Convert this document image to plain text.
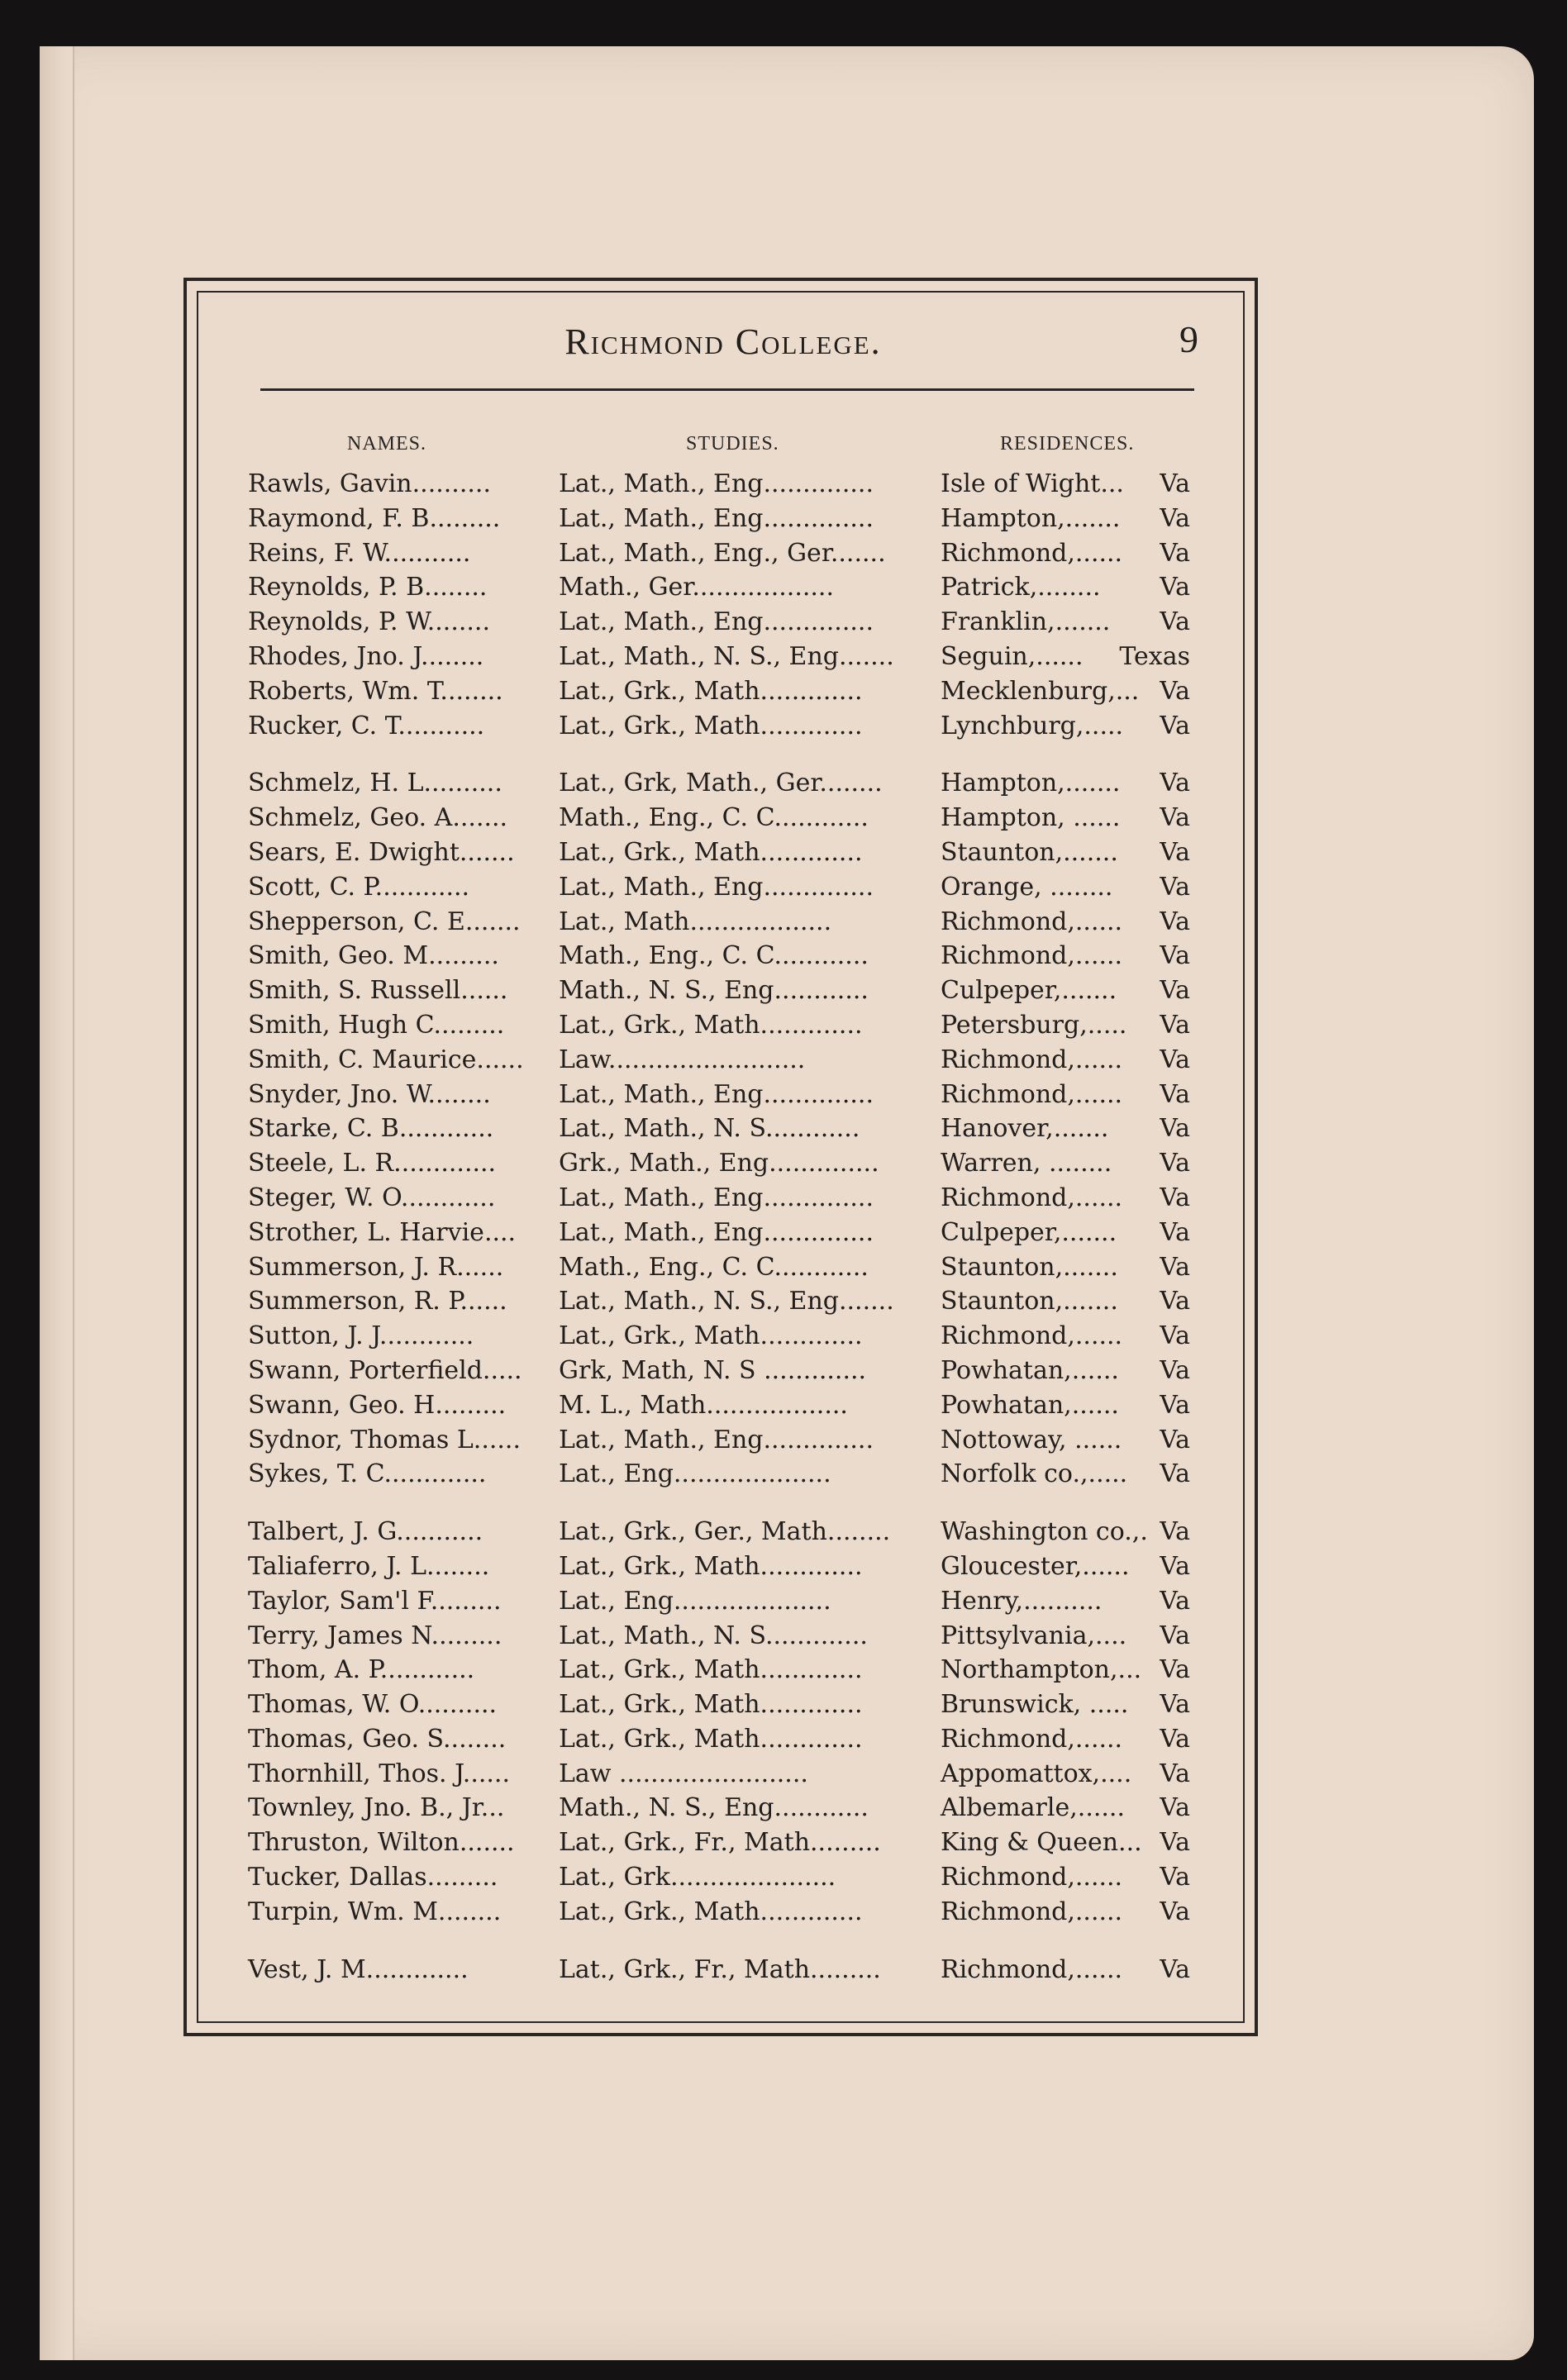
Richmond College.	9
NAMES.	STUDIES.	RESIDENCES.
Rawls, Gavin..........	Lat., Math., Eng..............	Isle of Wight... Va
Raymond, F. B......... Lat., Math., Eng..............	Hampton,....... Va
Reins, F. W...........	Lat., Math., Eng., Ger....... Richmond,...... Va
Reynolds, P. B........	Math., Ger..................	Patrick,........ Va
Reynolds, P. W........	Lat., Math., Eng..............	Franklin,....... Va
Rhodes, Jno. J........	Lat., Math., N. S., Eng....... Seguin,...... Texas
Roberts, Wm. T........ Lat., Grk., Math.............	Mecklenburg,... Va
Rucker, C. T...........	Lat., Grk., Math.............	Lynchburg,..... Va
Schmelz, H. L.......... Lat., Grk, Math., Ger........ Hampton,....... Va
Schmelz, Geo. A....... Math., Eng., C. C............	Hampton, ...... Va
Sears, E. Dwight....... Lat., Grk., Math.............	Staunton,....... Va
Scott, C. P............	Lat., Math., Eng..............	Orange, ........ Va
Shepperson, C. E....... Lat., Math..................	Richmond,...... Va
Smith, Geo. M......... Math., Eng., C. C............	Richmond,...... Va
Smith, S. Russell...... Math., N. S., Eng............	Culpeper,....... Va
Smith, Hugh C......... Lat., Grk., Math.............	Petersburg,..... Va
Smith, C. Maurice...... Law.........................	Richmond,...... Va
Snyder, Jno. W........	Lat., Math., Eng..............	Richmond,...... Va
Starke, C. B............	Lat., Math., N. S............	Hanover,....... Va
Steele, L. R.............	Grk., Math., Eng.............. Warren, ........ Va
Steger, W. O............	Lat., Math., Eng..............	Richmond,...... Va
Strother, L. Harvie.... Lat., Math., Eng..............	Culpeper,....... Va
Summerson, J. R...... Math., Eng., C. C............	Staunton,....... Va
Summerson, R. P...... Lat., Math., N. S., Eng....... Staunton,....... Va
Sutton, J. J............	Lat., Grk., Math.............	Richmond,...... Va
Swann, Porterfield..... Grk, Math, N. S .............	Powhatan,...... Va
Swann, Geo. H......... M. L., Math..................	Powhatan,...... Va
Sydnor, Thomas L...... Lat., Math., Eng..............	Nottoway, ...... Va
Sykes, T. C.............	Lat., Eng....................	Norfolk co.,..... Va
Talbert, J. G...........	Lat., Grk., Ger., Math........ Washington co.,. Va
Taliaferro, J. L........	Lat., Grk., Math.............	Gloucester,...... Va
Taylor, Sam'l F......... Lat., Eng....................	Henry,.......... Va
Terry, James N......... Lat., Math., N. S.............	Pittsylvania,.... Va
Thom, A. P............	Lat., Grk., Math.............	Northampton,... Va
Thomas, W. O.......... Lat., Grk., Math.............	Brunswick, ..... Va
Thomas, Geo. S........ Lat., Grk., Math.............	Richmond,...... Va
Thornhill, Thos. J...... Law ........................	Appomattox,.... Va
Townley, Jno. B., Jr... Math., N. S., Eng............	Albemarle,...... Va
Thruston, Wilton....... Lat., Grk., Fr., Math......... King & Queen... Va
Tucker, Dallas......... Lat., Grk.....................	Richmond,...... Va
Turpin, Wm. M........ Lat., Grk., Math.............	Richmond,...... Va
Vest, J. M.............	Lat., Grk., Fr., Math......... Richmond,...... Va
